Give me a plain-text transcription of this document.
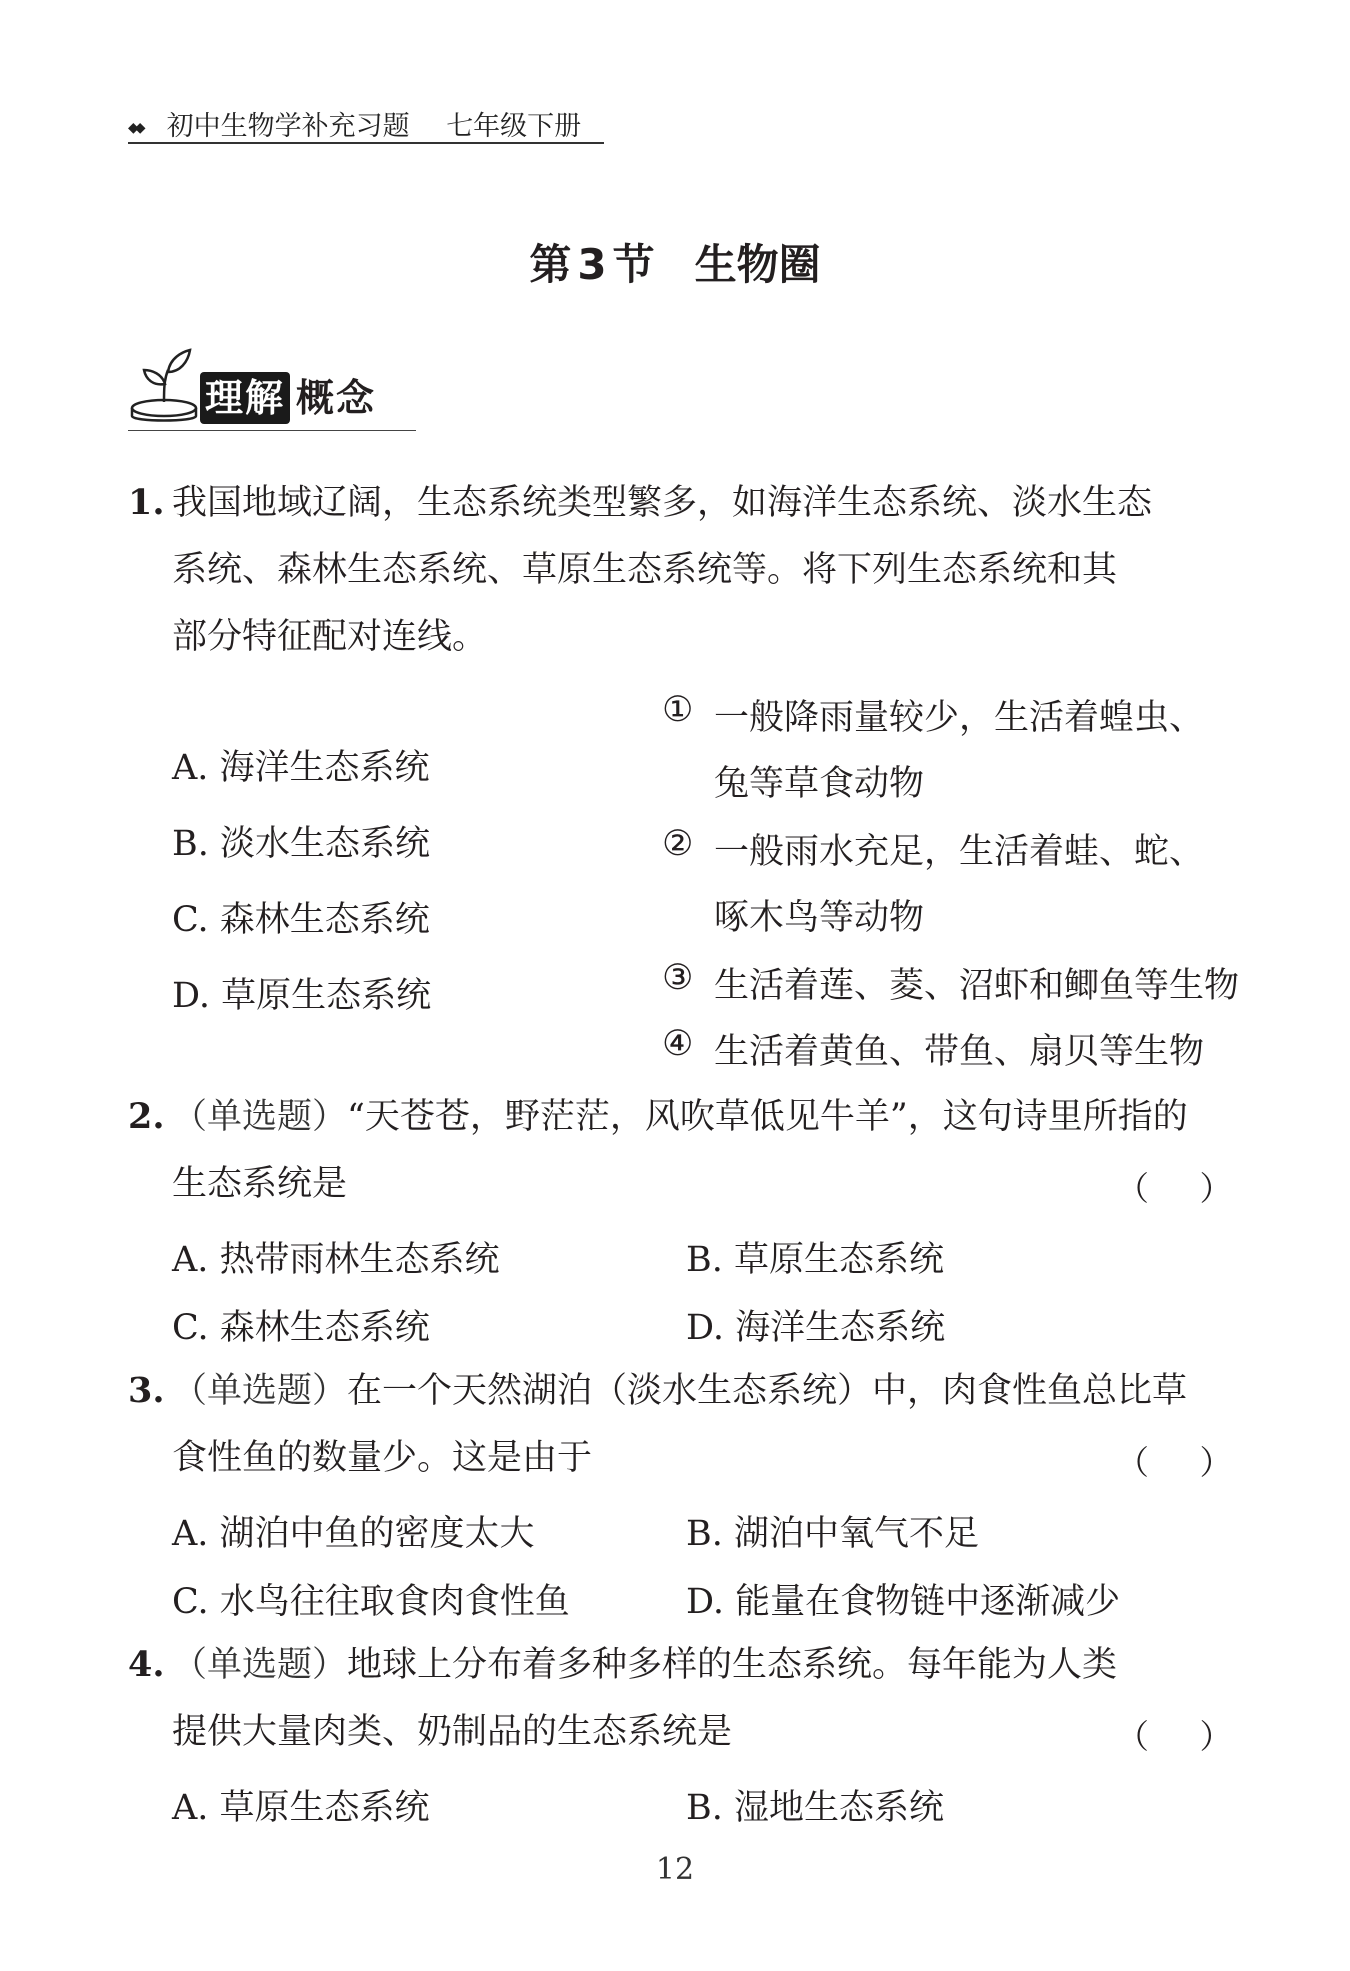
◆◆ 初中生物学补充习题 七年级下册
第 3 节 生物圈
理解 概念
1. 我国地域辽阔，生态系统类型繁多，如海洋生态系统、淡水生态
系统、森林生态系统、草原生态系统等。将下列生态系统和其
部分特征配对连线。
A. 海洋生态系统
B. 淡水生态系统
C. 森林生态系统
D. 草原生态系统
① 一般降雨量较少，生活着蝗虫、
兔等草食动物
② 一般雨水充足，生活着蛙、蛇、
啄木鸟等动物
③ 生活着莲、菱、沼虾和鲫鱼等生物
④ 生活着黄鱼、带鱼、扇贝等生物
2. （单选题）“天苍苍，野茫茫，风吹草低见牛羊”，这句诗里所指的
生态系统是	（ ）
A. 热带雨林生态系统	B. 草原生态系统
C. 森林生态系统	D. 海洋生态系统
3. （单选题）在一个天然湖泊（淡水生态系统）中，肉食性鱼总比草
食性鱼的数量少。这是由于	（ ）
A. 湖泊中鱼的密度太大	B. 湖泊中氧气不足
C. 水鸟往往取食肉食性鱼	D. 能量在食物链中逐渐减少
4. （单选题）地球上分布着多种多样的生态系统。每年能为人类
提供大量肉类、奶制品的生态系统是	（ ）
A. 草原生态系统	B. 湿地生态系统
12
